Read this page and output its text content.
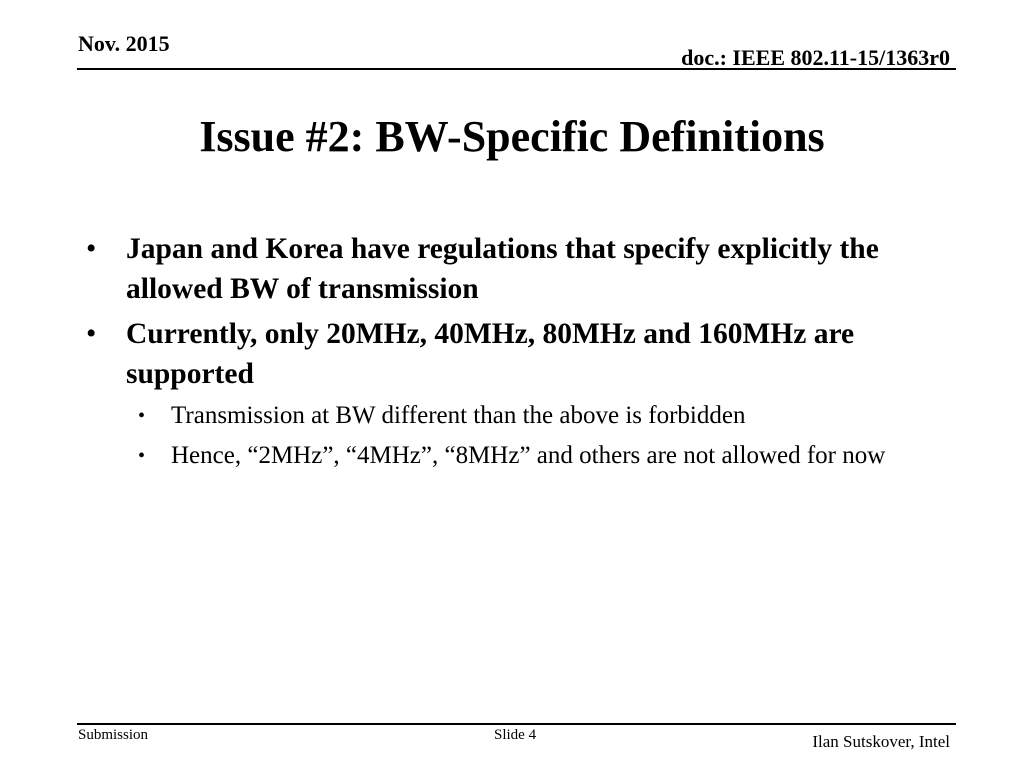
Nov. 2015
doc.: IEEE 802.11-15/1363r0
Issue #2: BW-Specific Definitions
• Japan and Korea have regulations that specify explicitly the allowed BW of transmission
• Currently, only 20MHz, 40MHz, 80MHz and 160MHz are supported
• Transmission at BW different than the above is forbidden
• Hence, “2MHz”, “4MHz”, “8MHz” and others are not allowed for now
Submission	Slide 4	Ilan Sutskover, Intel
